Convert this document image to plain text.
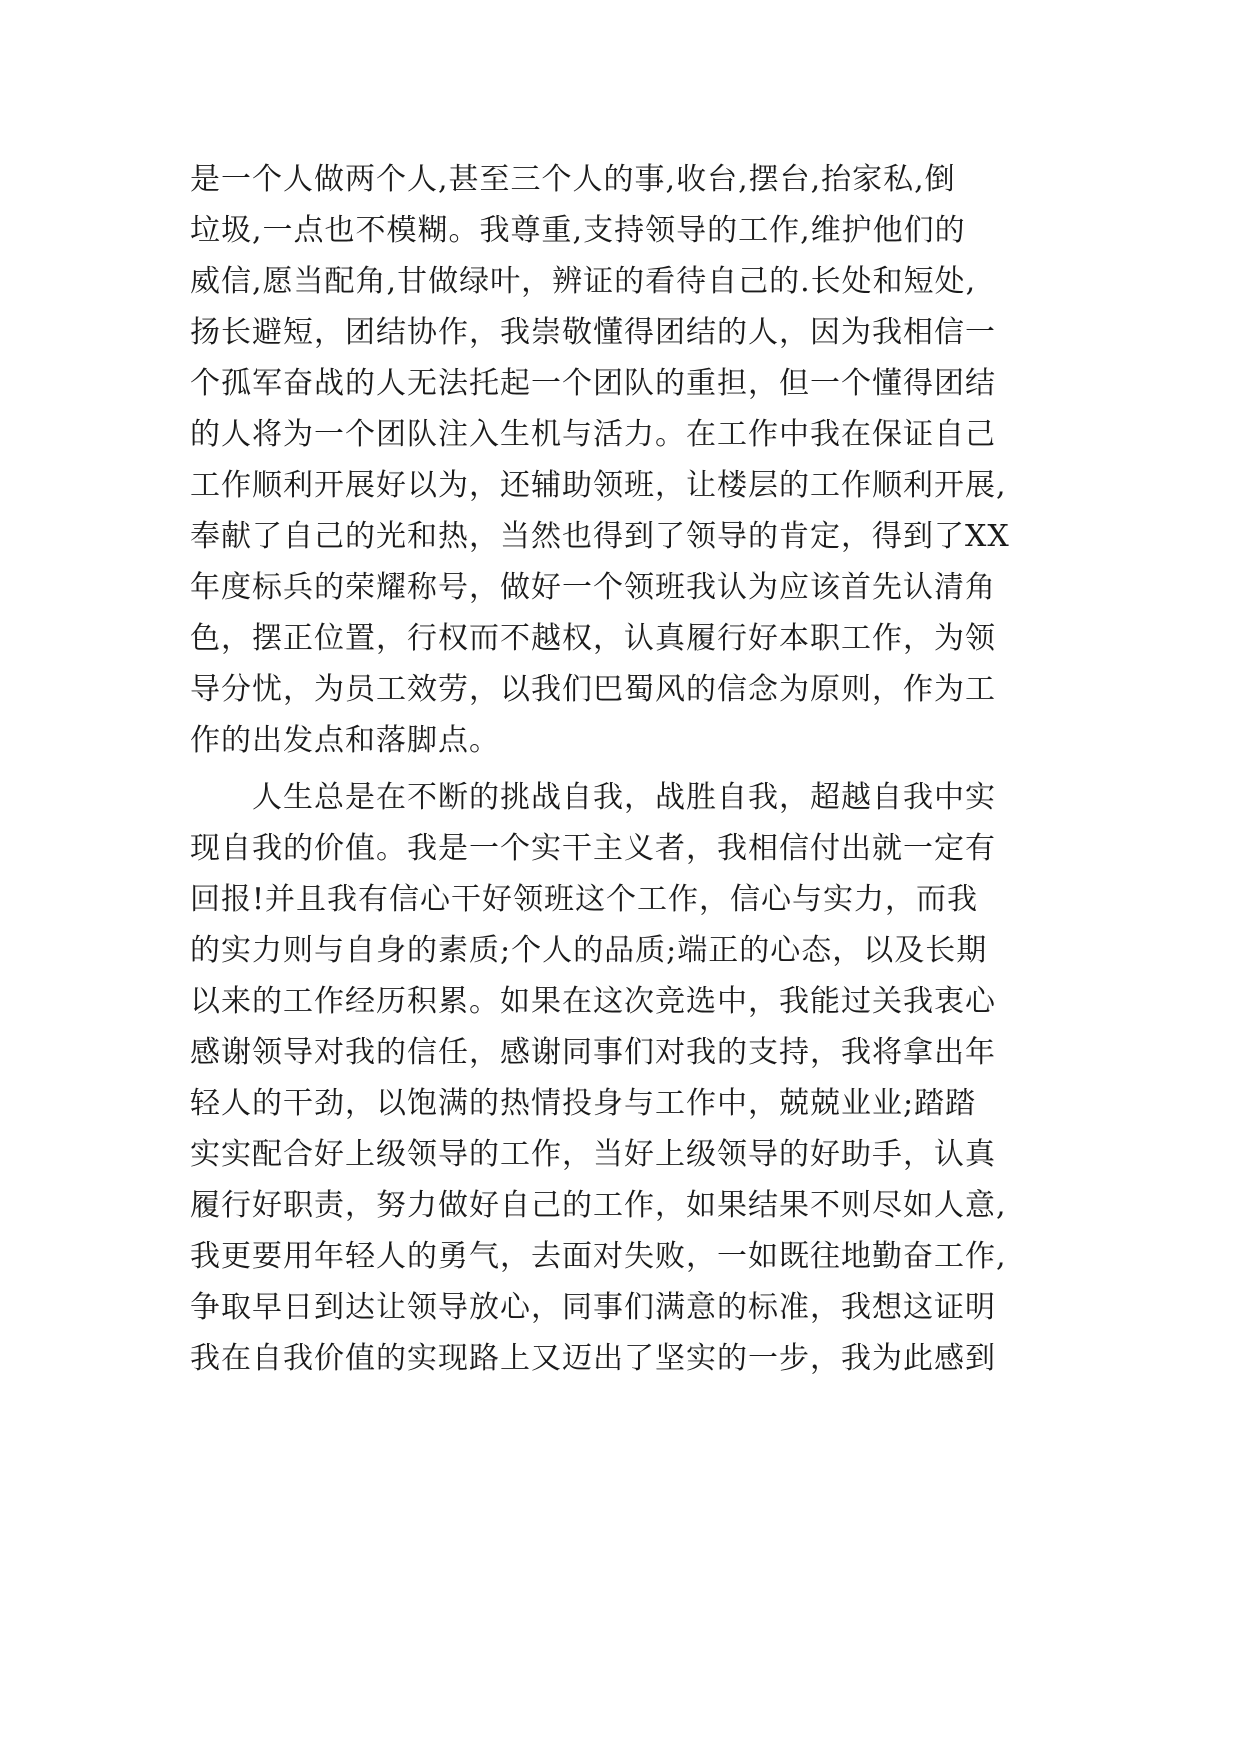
是一个人做两个人,甚至三个人的事,收台,摆台,抬家私,倒
垃圾,一点也不模糊。我尊重,支持领导的工作,维护他们的
威信,愿当配角,甘做绿叶，辨证的看待自己的.长处和短处,
扬长避短，团结协作，我崇敬懂得团结的人，因为我相信一
个孤军奋战的人无法托起一个团队的重担，但一个懂得团结
的人将为一个团队注入生机与活力。在工作中我在保证自己
工作顺利开展好以为，还辅助领班，让楼层的工作顺利开展,
奉献了自己的光和热，当然也得到了领导的肯定，得到了XX
年度标兵的荣耀称号，做好一个领班我认为应该首先认清角
色，摆正位置，行权而不越权，认真履行好本职工作，为领
导分忧，为员工效劳，以我们巴蜀风的信念为原则，作为工
作的出发点和落脚点。
　　人生总是在不断的挑战自我，战胜自我，超越自我中实
现自我的价值。我是一个实干主义者，我相信付出就一定有
回报!并且我有信心干好领班这个工作，信心与实力，而我
的实力则与自身的素质;个人的品质;端正的心态，以及长期
以来的工作经历积累。如果在这次竞选中，我能过关我衷心
感谢领导对我的信任，感谢同事们对我的支持，我将拿出年
轻人的干劲，以饱满的热情投身与工作中，兢兢业业;踏踏
实实配合好上级领导的工作，当好上级领导的好助手，认真
履行好职责，努力做好自己的工作，如果结果不则尽如人意,
我更要用年轻人的勇气，去面对失败，一如既往地勤奋工作,
争取早日到达让领导放心，同事们满意的标准，我想这证明
我在自我价值的实现路上又迈出了坚实的一步，我为此感到
